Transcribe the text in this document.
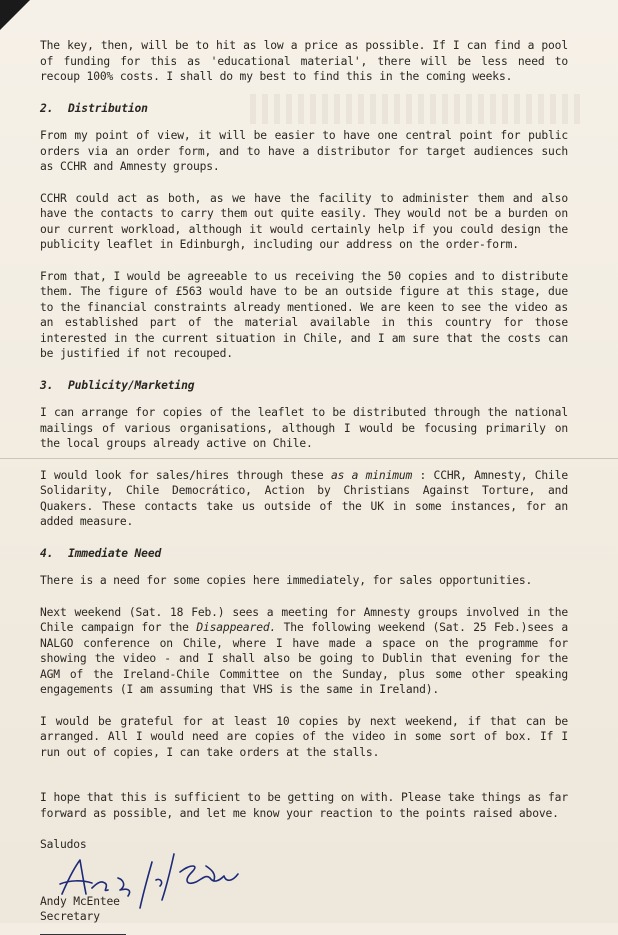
The key, then, will be to hit as low a price as possible. If I can find a pool of funding for this as 'educational material', there will be less need to recoup 100% costs. I shall do my best to find this in the coming weeks.

2. Distribution

From my point of view, it will be easier to have one central point for public orders via an order form, and to have a distributor for target audiences such as CCHR and Amnesty groups.

CCHR could act as both, as we have the facility to administer them and also have the contacts to carry them out quite easily. They would not be a burden on our current workload, although it would certainly help if you could design the publicity leaflet in Edinburgh, including our address on the order-form.

From that, I would be agreeable to us receiving the 50 copies and to distribute them. The figure of £563 would have to be an outside figure at this stage, due to the financial constraints already mentioned. We are keen to see the video as an established part of the material available in this country for those interested in the current situation in Chile, and I am sure that the costs can be justified if not recouped.

3. Publicity/Marketing

I can arrange for copies of the leaflet to be distributed through the national mailings of various organisations, although I would be focusing primarily on the local groups already active on Chile.

I would look for sales/hires through these as a minimum : CCHR, Amnesty, Chile Solidarity, Chile Democrático, Action by Christians Against Torture, and Quakers. These contacts take us outside of the UK in some instances, for an added measure.

4. Immediate Need

There is a need for some copies here immediately, for sales opportunities.

Next weekend (Sat. 18 Feb.) sees a meeting for Amnesty groups involved in the Chile campaign for the Disappeared. The following weekend (Sat. 25 Feb.)sees a NALGO conference on Chile, where I have made a space on the programme for showing the video - and I shall also be going to Dublin that evening for the AGM of the Ireland-Chile Committee on the Sunday, plus some other speaking engagements (I am assuming that VHS is the same in Ireland).

I would be grateful for at least 10 copies by next weekend, if that can be arranged. All I would need are copies of the video in some sort of box. If I run out of copies, I can take orders at the stalls.

I hope that this is sufficient to be getting on with. Please take things as far forward as possible, and let me know your reaction to the points raised above.

Saludos

Andy McEntee

Secretary
